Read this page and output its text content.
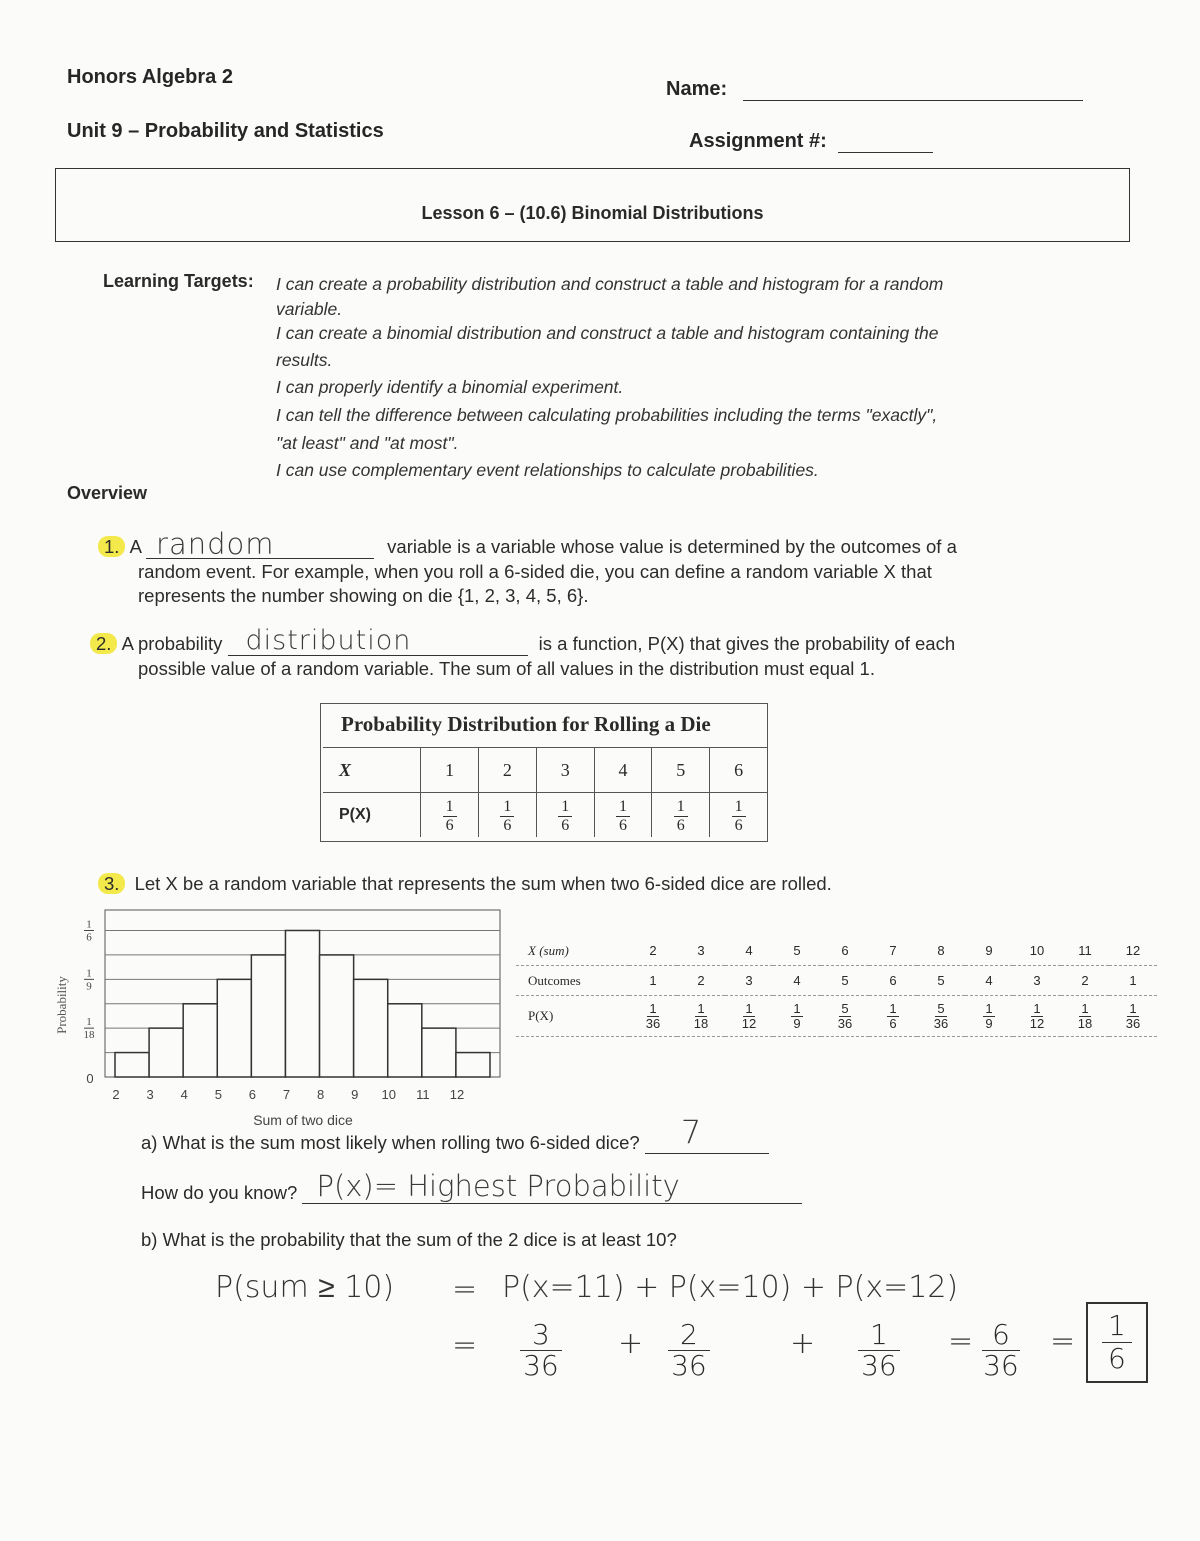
Honors Algebra 2
Unit 9 – Probability and Statistics
Name:
Assignment #:
Lesson 6 – (10.6) Binomial Distributions
Learning Targets: I can create a probability distribution and construct a table and histogram for a random
variable.
I can create a binomial distribution and construct a table and histogram containing the
results.
I can properly identify a binomial experiment.
I can tell the difference between calculating probabilities including the terms "exactly",
"at least" and "at most".
I can use complementary event relationships to calculate probabilities.
Overview
1. A random	variable is a variable whose value is determined by the outcomes of a
random event. For example, when you roll a 6-sided die, you can define a random variable X that
represents the number showing on die {1, 2, 3, 4, 5, 6}.
2. A probability distribution	is a function, P(X) that gives the probability of each
possible value of a random variable. The sum of all values in the distribution must equal 1.
Probability Distribution for Rolling a Die
X	1	2	3	4	5	6
P(X)	$\frac{1}{6}$	$\frac{1}{6}$	$\frac{1}{6}$	$\frac{1}{6}$	$\frac{1}{6}$	$\frac{1}{6}$
3. Let X be a random variable that represents the sum when two 6-sided dice are rolled.
2 3 4 5 6 7 8 9 10 11 12
1
6
1
9
1
18
0
Sum of two dice
Probability
X (sum)	2	3	4	5	6	7	8	9	10	11	12
Outcomes	1	2	3	4	5	6	5	4	3	2	1
P(X)	$\frac{1}{36}$	$\frac{1}{18}$	$\frac{1}{12}$	$\frac{1}{9}$	$\frac{5}{36}$	$\frac{1}{6}$	$\frac{5}{36}$	$\frac{1}{9}$	$\frac{1}{12}$	$\frac{1}{18}$	$\frac{1}{36}$
a) What is the sum most likely when rolling two 6-sided dice? 7
How do you know? P(x)= Highest Probability
b) What is the probability that the sum of the 2 dice is at least 10?
P(sum ≥ 10) = P(x=11) + P(x=10) + P(x=12)
= $\frac{3}{36} + \frac{2}{36}$	+ $\frac{1}{36} = \frac{6}{36} = \frac{1}{6}$
